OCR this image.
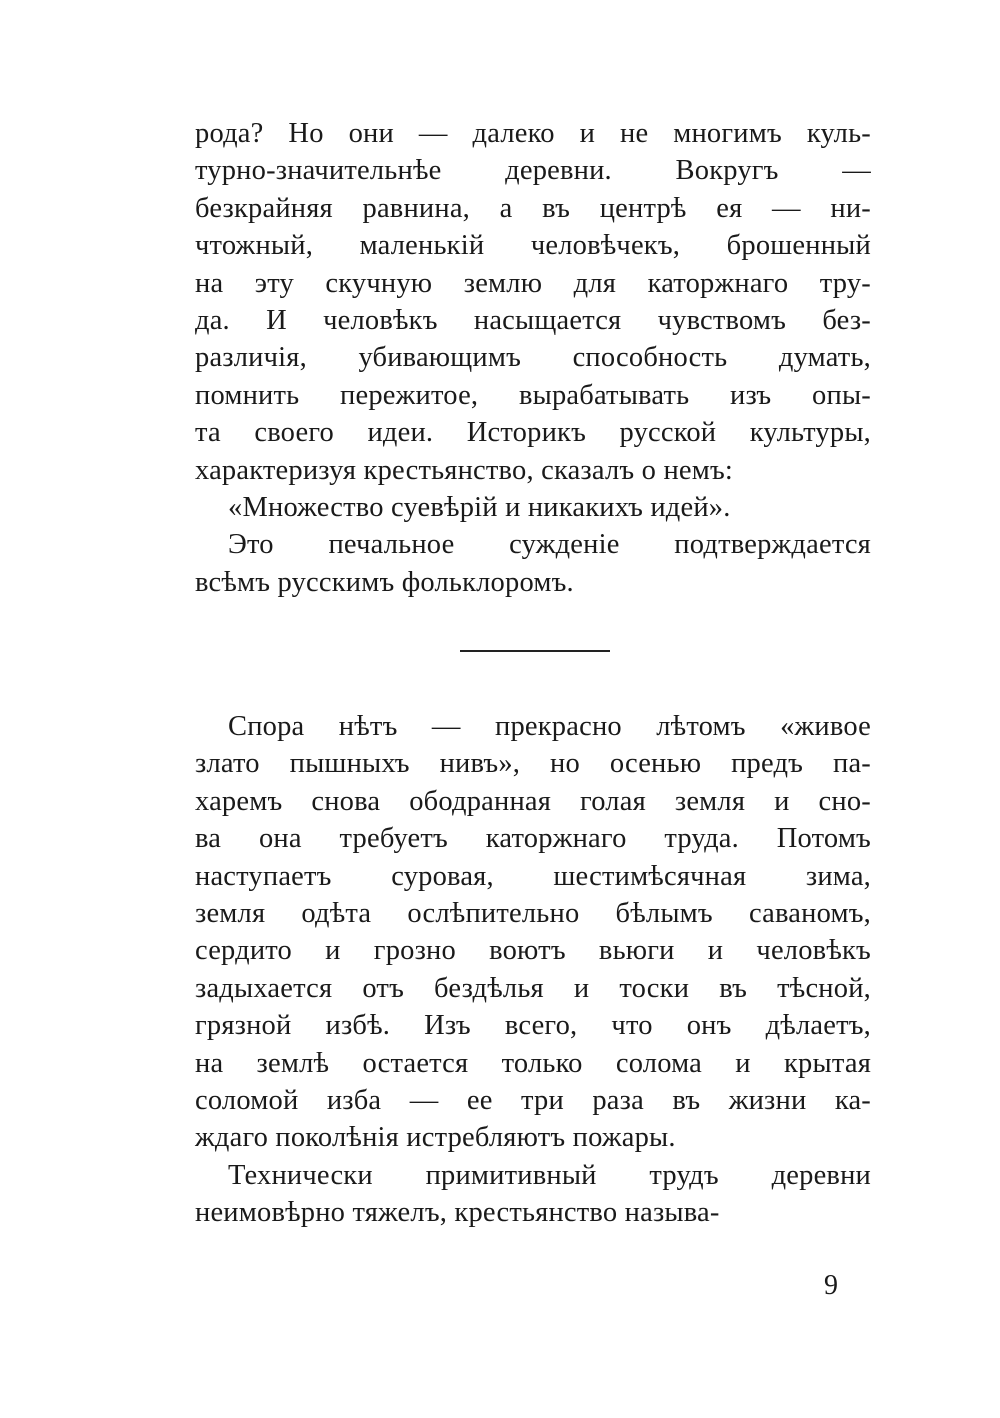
рода? Но они — далеко и не многимъ куль-
турно-значительнѣе деревни. Вокругъ —
безкрайняя равнина, а въ центрѣ ея — ни-
чтожный, маленькій человѣчекъ, брошенный
на эту скучную землю для каторжнаго тру-
да. И человѣкъ насыщается чувствомъ без-
различія, убивающимъ способность думать,
помнить пережитое, вырабатывать изъ опы-
та своего идеи. Историкъ русской культуры,
характеризуя крестьянство, сказалъ о немъ:
«Множество суевѣрій и никакихъ идей».
Это печальное сужденіе подтверждается
всѣмъ русскимъ фольклоромъ.
Спора нѣтъ — прекрасно лѣтомъ «живое
злато пышныхъ нивъ», но осенью предъ па-
харемъ снова ободранная голая земля и сно-
ва она требуетъ каторжнаго труда. Потомъ
наступаетъ суровая, шестимѣсячная зима,
земля одѣта ослѣпительно бѣлымъ саваномъ,
сердито и грозно воютъ вьюги и человѣкъ
задыхается отъ бездѣлья и тоски въ тѣсной,
грязной избѣ. Изъ всего, что онъ дѣлаетъ,
на землѣ остается только солома и крытая
соломой изба — ее три раза въ жизни ка-
ждаго поколѣнія истребляютъ пожары.
Технически примитивный трудъ деревни
неимовѣрно тяжелъ, крестьянство называ-
9
